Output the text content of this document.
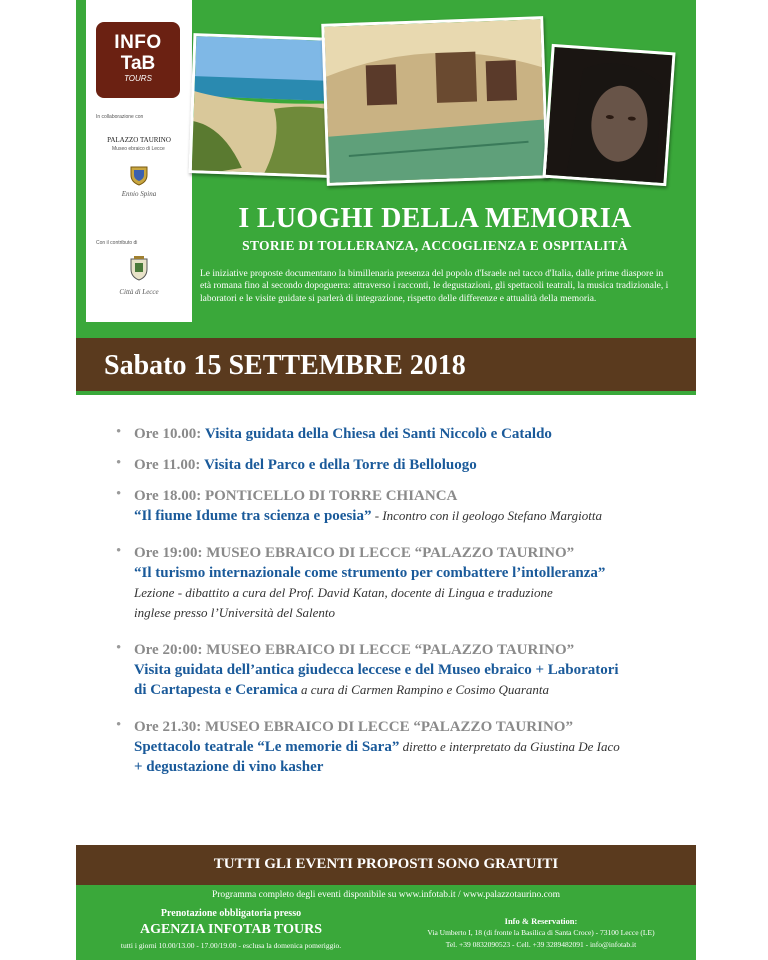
INFO
TaB
TOURS
In collaborazione con
PALAZZO TAURINO
Museo ebraico di Lecce
Ennio Spina
Con il contributo di
Città di Lecce
I LUOGHI DELLA MEMORIA
STORIE DI TOLLERANZA, ACCOGLIENZA E OSPITALITÀ
Le iniziative proposte documentano la bimillenaria presenza del popolo d'Israele nel tacco d'Italia, dalle prime diaspore in età romana fino al secondo dopoguerra: attraverso i racconti, le degustazioni, gli spettacoli teatrali, la musica tradizionale, i laboratori e le visite guidate si parlerà di integrazione, rispetto delle differenze e attualità della memoria.
Sabato 15 SETTEMBRE 2018
• Ore 10.00: Visita guidata della Chiesa dei Santi Niccolò e Cataldo
• Ore 11.00: Visita del Parco e della Torre di Belloluogo
• Ore 18.00: PONTICELLO DI TORRE CHIANCA
“Il fiume Idume tra scienza e poesia” - Incontro con il geologo Stefano Margiotta
• Ore 19:00: MUSEO EBRAICO DI LECCE “PALAZZO TAURINO”
“Il turismo internazionale come strumento per combattere l’intolleranza”
Lezione - dibattito a cura del Prof. David Katan, docente di Lingua e traduzione
inglese presso l’Università del Salento
• Ore 20:00: MUSEO EBRAICO DI LECCE “PALAZZO TAURINO”
Visita guidata dell’antica giudecca leccese e del Museo ebraico + Laboratori
di Cartapesta e Ceramica a cura di Carmen Rampino e Cosimo Quaranta
• Ore 21.30: MUSEO EBRAICO DI LECCE “PALAZZO TAURINO”
Spettacolo teatrale “Le memorie di Sara” diretto e interpretato da Giustina De Iaco
+ degustazione di vino kasher
TUTTI GLI EVENTI PROPOSTI SONO GRATUITI
Programma completo degli eventi disponibile su www.infotab.it / www.palazzotaurino.com
Prenotazione obbligatoria presso
AGENZIA INFOTAB TOURS
tutti i giorni 10.00/13.00 - 17.00/19.00 - esclusa la domenica pomeriggio.
Info & Reservation:
Via Umberto I, 18 (di fronte la Basilica di Santa Croce) - 73100 Lecce (LE)
Tel. +39 0832090523 - Cell. +39 3289482091 - info@infotab.it
